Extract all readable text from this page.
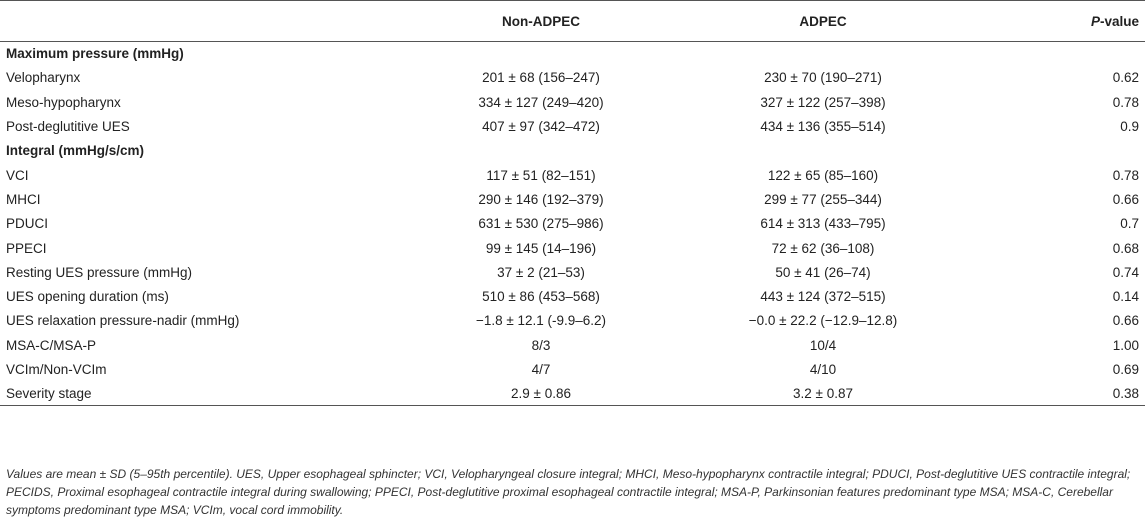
	Non-ADPEC	ADPEC	P-value
Maximum pressure (mmHg)			
Velopharynx	201 ± 68 (156–247)	230 ± 70 (190–271)	0.62
Meso-hypopharynx	334 ± 127 (249–420)	327 ± 122 (257–398)	0.78
Post-deglutitive UES	407 ± 97 (342–472)	434 ± 136 (355–514)	0.9
Integral (mmHg/s/cm)			
VCI	117 ± 51 (82–151)	122 ± 65 (85–160)	0.78
MHCI	290 ± 146 (192–379)	299 ± 77 (255–344)	0.66
PDUCI	631 ± 530 (275–986)	614 ± 313 (433–795)	0.7
PPECI	99 ± 145 (14–196)	72 ± 62 (36–108)	0.68
Resting UES pressure (mmHg)	37 ± 2 (21–53)	50 ± 41 (26–74)	0.74
UES opening duration (ms)	510 ± 86 (453–568)	443 ± 124 (372–515)	0.14
UES relaxation pressure-nadir (mmHg)	−1.8 ± 12.1 (-9.9–6.2)	−0.0 ± 22.2 (−12.9–12.8)	0.66
MSA-C/MSA-P	8/3	10/4	1.00
VCIm/Non-VCIm	4/7	4/10	0.69
Severity stage	2.9 ± 0.86	3.2 ± 0.87	0.38
Values are mean ± SD (5–95th percentile). UES, Upper esophageal sphincter; VCI, Velopharyngeal closure integral; MHCI, Meso-hypopharynx contractile integral; PDUCI, Post-deglutitive UES contractile integral; PECIDS, Proximal esophageal contractile integral during swallowing; PPECI, Post-deglutitive proximal esophageal contractile integral; MSA-P, Parkinsonian features predominant type MSA; MSA-C, Cerebellar symptoms predominant type MSA; VCIm, vocal cord immobility.
